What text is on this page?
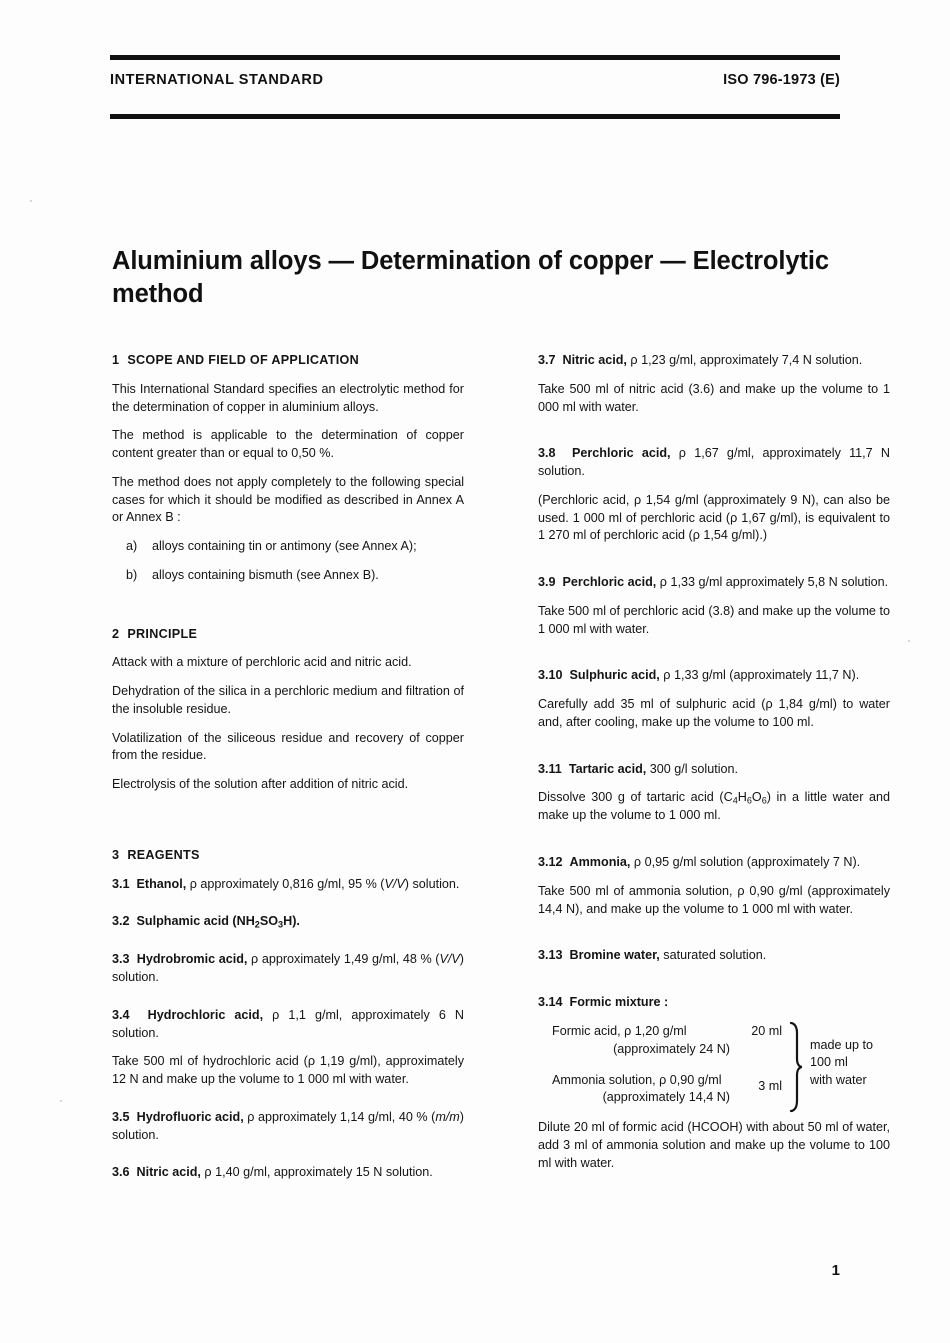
INTERNATIONAL STANDARD	ISO 796-1973 (E)
Aluminium alloys — Determination of copper — Electrolytic method
1 SCOPE AND FIELD OF APPLICATION

This International Standard specifies an electrolytic method for the determination of copper in aluminium alloys.

The method is applicable to the determination of copper content greater than or equal to 0,50 %.

The method does not apply completely to the following special cases for which it should be modified as described in Annex A or Annex B :

a) alloys containing tin or antimony (see Annex A);
b) alloys containing bismuth (see Annex B).
2 PRINCIPLE

Attack with a mixture of perchloric acid and nitric acid.

Dehydration of the silica in a perchloric medium and filtration of the insoluble residue.

Volatilization of the siliceous residue and recovery of copper from the residue.

Electrolysis of the solution after addition of nitric acid.

3 REAGENTS

3.1 Ethanol, ρ approximately 0,816 g/ml, 95 % (V/V) solution.

3.2 Sulphamic acid $(NH_2SO_3H)$.

3.3 Hydrobromic acid, ρ approximately 1,49 g/ml, 48 % (V/V) solution.

3.4 Hydrochloric acid, ρ 1,1 g/ml, approximately 6 N solution.

Take 500 ml of hydrochloric acid (ρ 1,19 g/ml), approximately 12 N and make up the volume to 1 000 ml with water.

3.5 Hydrofluoric acid, ρ approximately 1,14 g/ml, 40 % (m/m) solution.

3.6 Nitric acid, ρ 1,40 g/ml, approximately 15 N solution.

3.7 Nitric acid, ρ 1,23 g/ml, approximately 7,4 N solution.

Take 500 ml of nitric acid (3.6) and make up the volume to 1 000 ml with water.

3.8 Perchloric acid, ρ 1,67 g/ml, approximately 11,7 N solution.

(Perchloric acid, ρ 1,54 g/ml (approximately 9 N), can also be used. 1 000 ml of perchloric acid (ρ 1,67 g/ml), is equivalent to 1 270 ml of perchloric acid (ρ 1,54 g/ml).)

3.9 Perchloric acid, ρ 1,33 g/ml approximately 5,8 N solution.

Take 500 ml of perchloric acid (3.8) and make up the volume to 1 000 ml with water.

3.10 Sulphuric acid, ρ 1,33 g/ml (approximately 11,7 N).

Carefully add 35 ml of sulphuric acid (ρ 1,84 g/ml) to water and, after cooling, make up the volume to 100 ml.

3.11 Tartaric acid, 300 g/l solution.

Dissolve 300 g of tartaric acid $(C_4H_6O_6)$ in a little water and make up the volume to 1 000 ml.

3.12 Ammonia, ρ 0,95 g/ml solution (approximately 7 N).

Take 500 ml of ammonia solution, ρ 0,90 g/ml (approximately 14,4 N), and make up the volume to 1 000 ml with water.

3.13 Bromine water, saturated solution.

3.14 Formic mixture :

Formic acid, ρ 1,20 g/ml
(approximately 24 N)
Ammonia solution, ρ 0,90 g/ml
(approximately 14,4 N)
20 ml
3 ml
made up to
100 ml
with water

Dilute 20 ml of formic acid (HCOOH) with about 50 ml of water, add 3 ml of ammonia solution and make up the volume to 100 ml with water.

1
